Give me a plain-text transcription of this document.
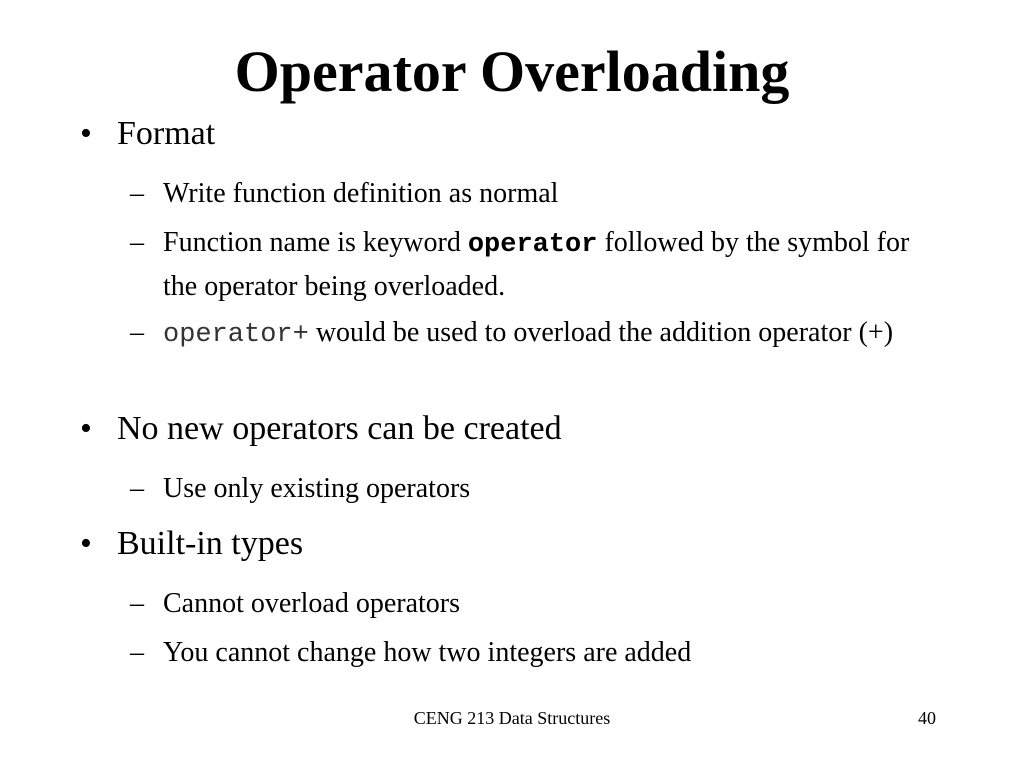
Operator Overloading
• Format
– Write function definition as normal
– Function name is keyword operator followed by the symbol for the operator being overloaded.
– operator+ would be used to overload the addition operator (+)
• No new operators can be created
– Use only existing operators
• Built-in types
– Cannot overload operators
– You cannot change how two integers are added
CENG 213 Data Structures	40
